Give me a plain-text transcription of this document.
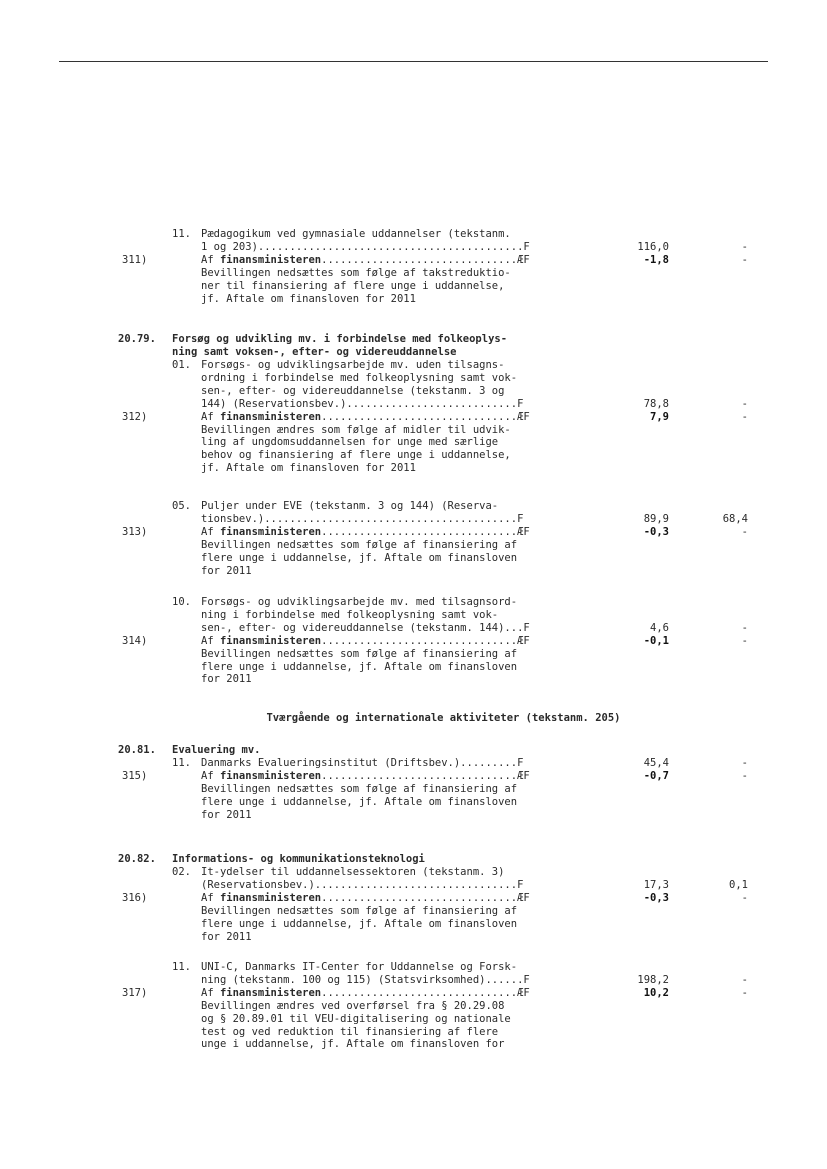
11. Pædagogikum ved gymnasiale uddannelser (tekstanm.
1 og 203)..........................................F	116,0	-
311)	Af finansministeren...............................ÆF	-1,8	-
Bevillingen nedsættes som følge af takstreduktio-
ner til finansiering af flere unge i uddannelse,
jf. Aftale om finansloven for 2011
20.79. Forsøg og udvikling mv. i forbindelse med folkeoplys-
ning samt voksen-, efter- og videreuddannelse
01. Forsøgs- og udviklingsarbejde mv. uden tilsagns-
ordning i forbindelse med folkeoplysning samt vok-
sen-, efter- og videreuddannelse (tekstanm. 3 og
144) (Reservationsbev.)...........................F	78,8	-
312)	Af finansministeren...............................ÆF	7,9	-
Bevillingen ændres som følge af midler til udvik-
ling af ungdomsuddannelsen for unge med særlige
behov og finansiering af flere unge i uddannelse,
jf. Aftale om finansloven for 2011
05. Puljer under EVE (tekstanm. 3 og 144) (Reserva-
tionsbev.)........................................F	89,9	68,4
313)	Af finansministeren...............................ÆF	-0,3	-
Bevillingen nedsættes som følge af finansiering af
flere unge i uddannelse, jf. Aftale om finansloven
for 2011
10. Forsøgs- og udviklingsarbejde mv. med tilsagnsord-
ning i forbindelse med folkeoplysning samt vok-
sen-, efter- og videreuddannelse (tekstanm. 144)...F	4,6	-
314)	Af finansministeren...............................ÆF	-0,1	-
Bevillingen nedsættes som følge af finansiering af
flere unge i uddannelse, jf. Aftale om finansloven
for 2011
20.81. Evaluering mv.
11. Danmarks Evalueringsinstitut (Driftsbev.).........F	45,4	-
315)	Af finansministeren...............................ÆF	-0,7	-
Bevillingen nedsættes som følge af finansiering af
flere unge i uddannelse, jf. Aftale om finansloven
for 2011
20.82. Informations- og kommunikationsteknologi
02. It-ydelser til uddannelsessektoren (tekstanm. 3)
(Reservationsbev.)................................F	17,3	0,1
316)	Af finansministeren...............................ÆF	-0,3	-
Bevillingen nedsættes som følge af finansiering af
flere unge i uddannelse, jf. Aftale om finansloven
for 2011
11. UNI-C, Danmarks IT-Center for Uddannelse og Forsk-
ning (tekstanm. 100 og 115) (Statsvirksomhed)......F	198,2	-
317)	Af finansministeren...............................ÆF	10,2	-
Bevillingen ændres ved overførsel fra § 20.29.08
og § 20.89.01 til VEU-digitalisering og nationale
test og ved reduktion til finansiering af flere
unge i uddannelse, jf. Aftale om finansloven for
Tværgående og internationale aktiviteter (tekstanm. 205)
